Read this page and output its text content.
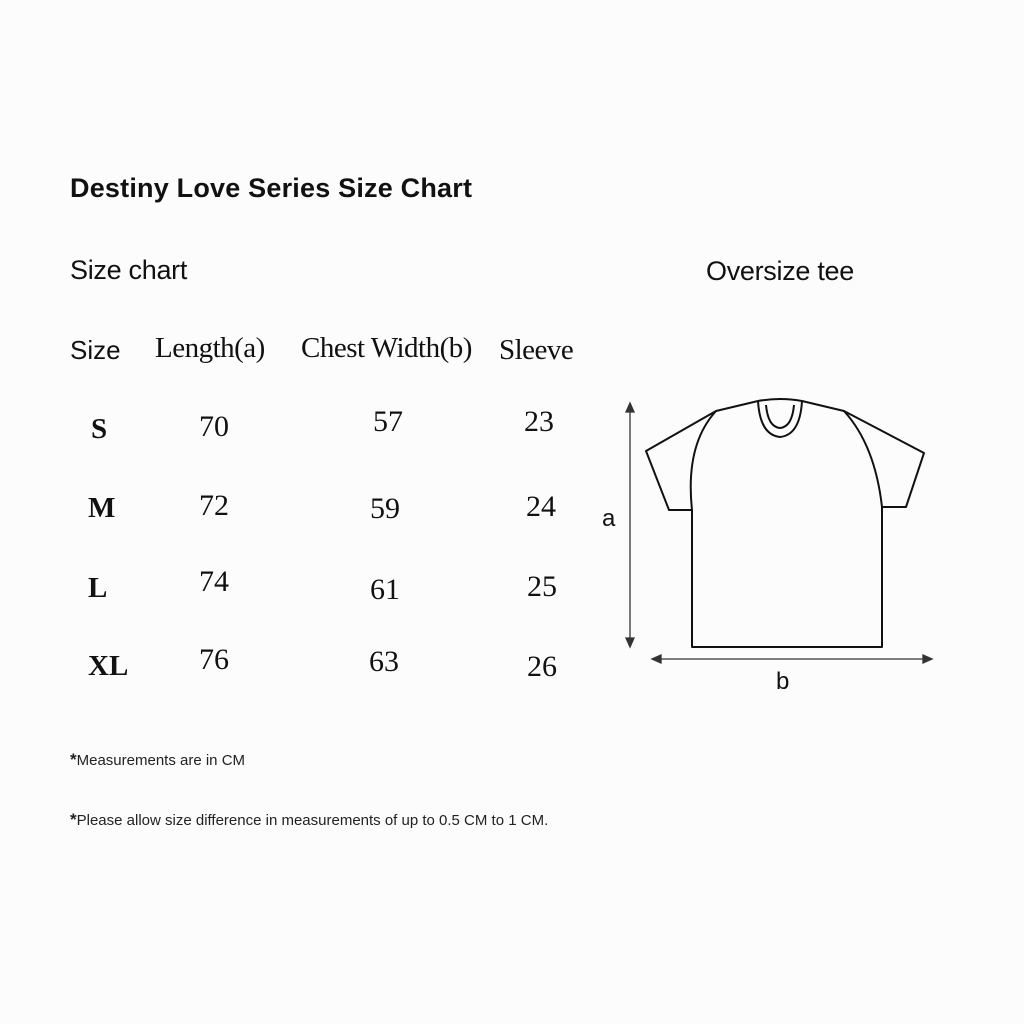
Destiny Love Series Size Chart
Size chart	Oversize tee
Size Length(a) Chest Width(b) Sleeve
S	70	57	23
M	72	59	24
L	74	61	25
XL 76	63	26
a
b
*Measurements are in CM
*Please allow size difference in measurements of up to 0.5 CM to 1 CM.
